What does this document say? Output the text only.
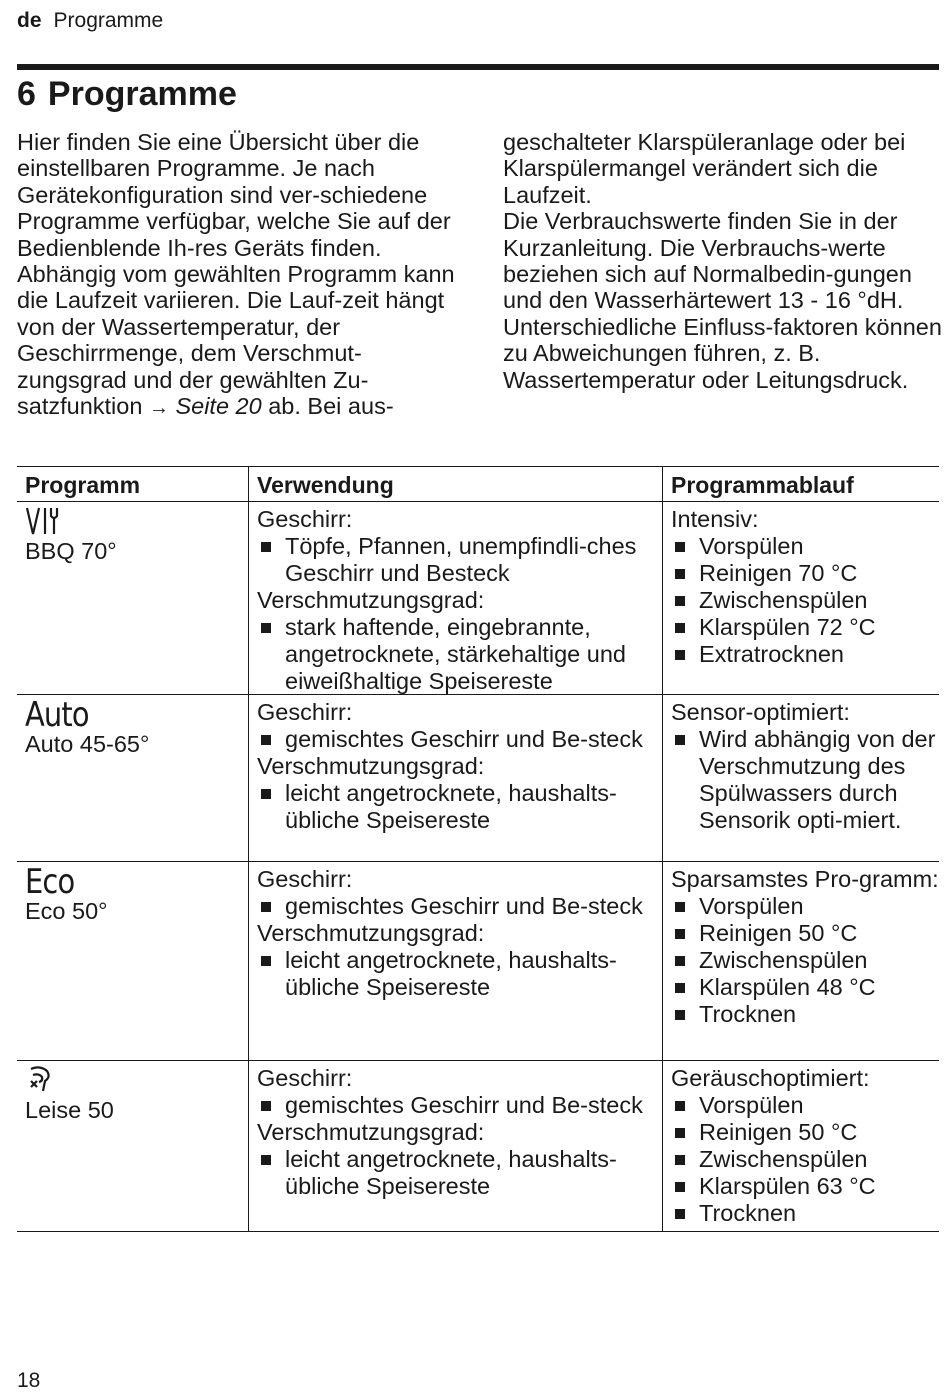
de Programme
6 Programme

Hier finden Sie eine Übersicht über die einstellbaren Programme. Je nach Gerätekonfiguration sind ver-schiedene Programme verfügbar, welche Sie auf der Bedienblende Ih-res Geräts finden.

Abhängig vom gewählten Programm kann die Laufzeit variieren. Die Lauf-zeit hängt von der Wassertemperatur, der Geschirrmenge, dem Verschmut-zungsgrad und der gewählten Zu-satzfunktion → Seite 20 ab. Bei aus-

geschalteter Klarspüleranlage oder bei Klarspülermangel verändert sich die Laufzeit.

Die Verbrauchswerte finden Sie in der Kurzanleitung. Die Verbrauchs-werte beziehen sich auf Normalbedin-gungen und den Wasserhärtewert 13 - 16 °dH. Unterschiedliche Einfluss-faktoren können zu Abweichungen führen, z. B. Wassertemperatur oder Leitungsdruck.

Programm	Verwendung	Programmablauf
BBQ 70°
Geschirr:
Töpfe, Pfannen, unempfindli-ches Geschirr und Besteck
Verschmutzungsgrad:
stark haftende, eingebrannte, angetrocknete, stärkehaltige und eiweißhaltige Speisereste
Intensiv:
Vorspülen
Reinigen 70 °C
Zwischenspülen
Klarspülen 72 °C
Extratrocknen
Auto
Auto 45-65°
Geschirr:
gemischtes Geschirr und Be-steck
Verschmutzungsgrad:
leicht angetrocknete, haushalts-übliche Speisereste
Sensor-optimiert:
Wird abhängig von der Verschmutzung des Spülwassers durch Sensorik opti-miert.
Eco
Eco 50°
Geschirr:
gemischtes Geschirr und Be-steck
Verschmutzungsgrad:
leicht angetrocknete, haushalts-übliche Speisereste
Sparsamstes Pro-gramm:
Vorspülen
Reinigen 50 °C
Zwischenspülen
Klarspülen 48 °C
Trocknen
Leise 50
Geschirr:
gemischtes Geschirr und Be-steck
Verschmutzungsgrad:
leicht angetrocknete, haushalts-übliche Speisereste
Geräuschoptimiert:
Vorspülen
Reinigen 50 °C
Zwischenspülen
Klarspülen 63 °C
Trocknen
18
